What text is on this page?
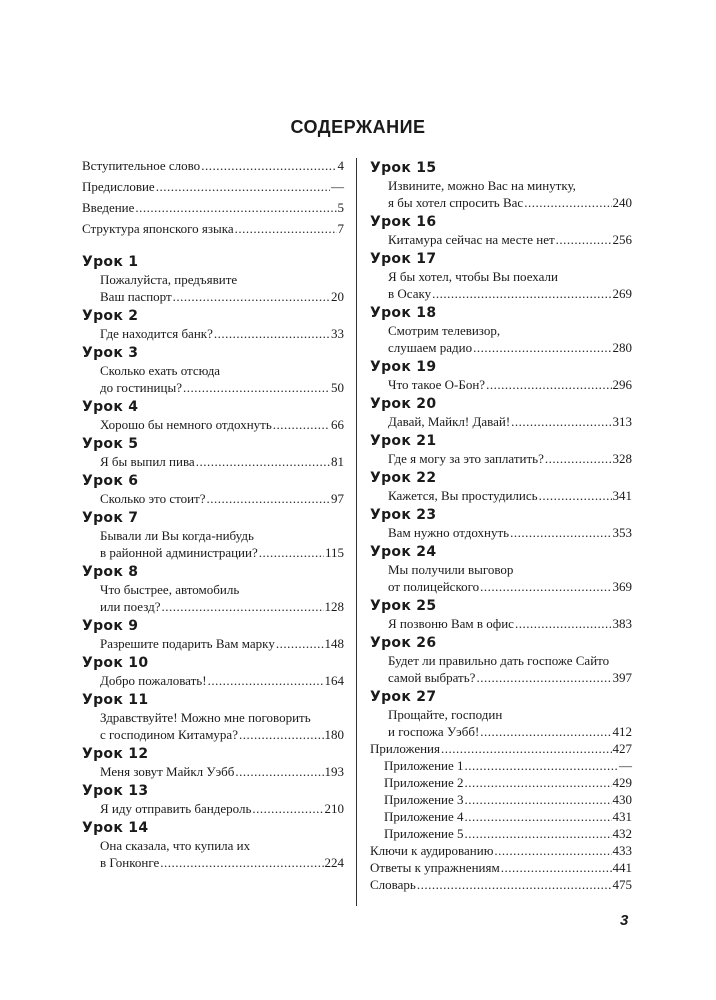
СОДЕРЖАНИЕ
Вступительное слово .....	4
Предисловие .....	—
Введение .....	5
Структура японского языка .....	7
Урок 1
Пожалуйста, предъявите
Ваш паспорт .....	20
Урок 2
Где находится банк? .....	33
Урок 3
Сколько ехать отсюда
до гостиницы? .....	50
Урок 4
Хорошо бы немного отдохнуть .....	66
Урок 5
Я бы выпил пива .....	81
Урок 6
Сколько это стоит? .....	97
Урок 7
Бывали ли Вы когда-нибудь
в районной администрации? .....	115
Урок 8
Что быстрее, автомобиль
или поезд? .....	128
Урок 9
Разрешите подарить Вам марку .....	148
Урок 10
Добро пожаловать! .....	164
Урок 11
Здравствуйте! Можно мне поговорить
с господином Китамура? .....	180
Урок 12
Меня зовут Майкл Уэбб .....	193
Урок 13
Я иду отправить бандероль .....	210
Урок 14
Она сказала, что купила их
в Гонконге .....	224
Урок 15
Извините, можно Вас на минутку,
я бы хотел спросить Вас .....	240
Урок 16
Китамура сейчас на месте нет .....	256
Урок 17
Я бы хотел, чтобы Вы поехали
в Осаку .....	269
Урок 18
Смотрим телевизор,
слушаем радио .....	280
Урок 19
Что такое О-Бон? .....	296
Урок 20
Давай, Майкл! Давай! .....	313
Урок 21
Где я могу за это заплатить? .....	328
Урок 22
Кажется, Вы простудились .....	341
Урок 23
Вам нужно отдохнуть .....	353
Урок 24
Мы получили выговор
от полицейского .....	369
Урок 25
Я позвоню Вам в офис .....	383
Урок 26
Будет ли правильно дать госпоже Сайто
самой выбрать? .....	397
Урок 27
Прощайте, господин
и госпожа Уэбб! .....	412
Приложения .....	427
Приложение 1 .....	—
Приложение 2 .....	429
Приложение 3 .....	430
Приложение 4 .....	431
Приложение 5 .....	432
Ключи к аудированию .....	433
Ответы к упражнениям .....	441
Словарь .....	475
3
